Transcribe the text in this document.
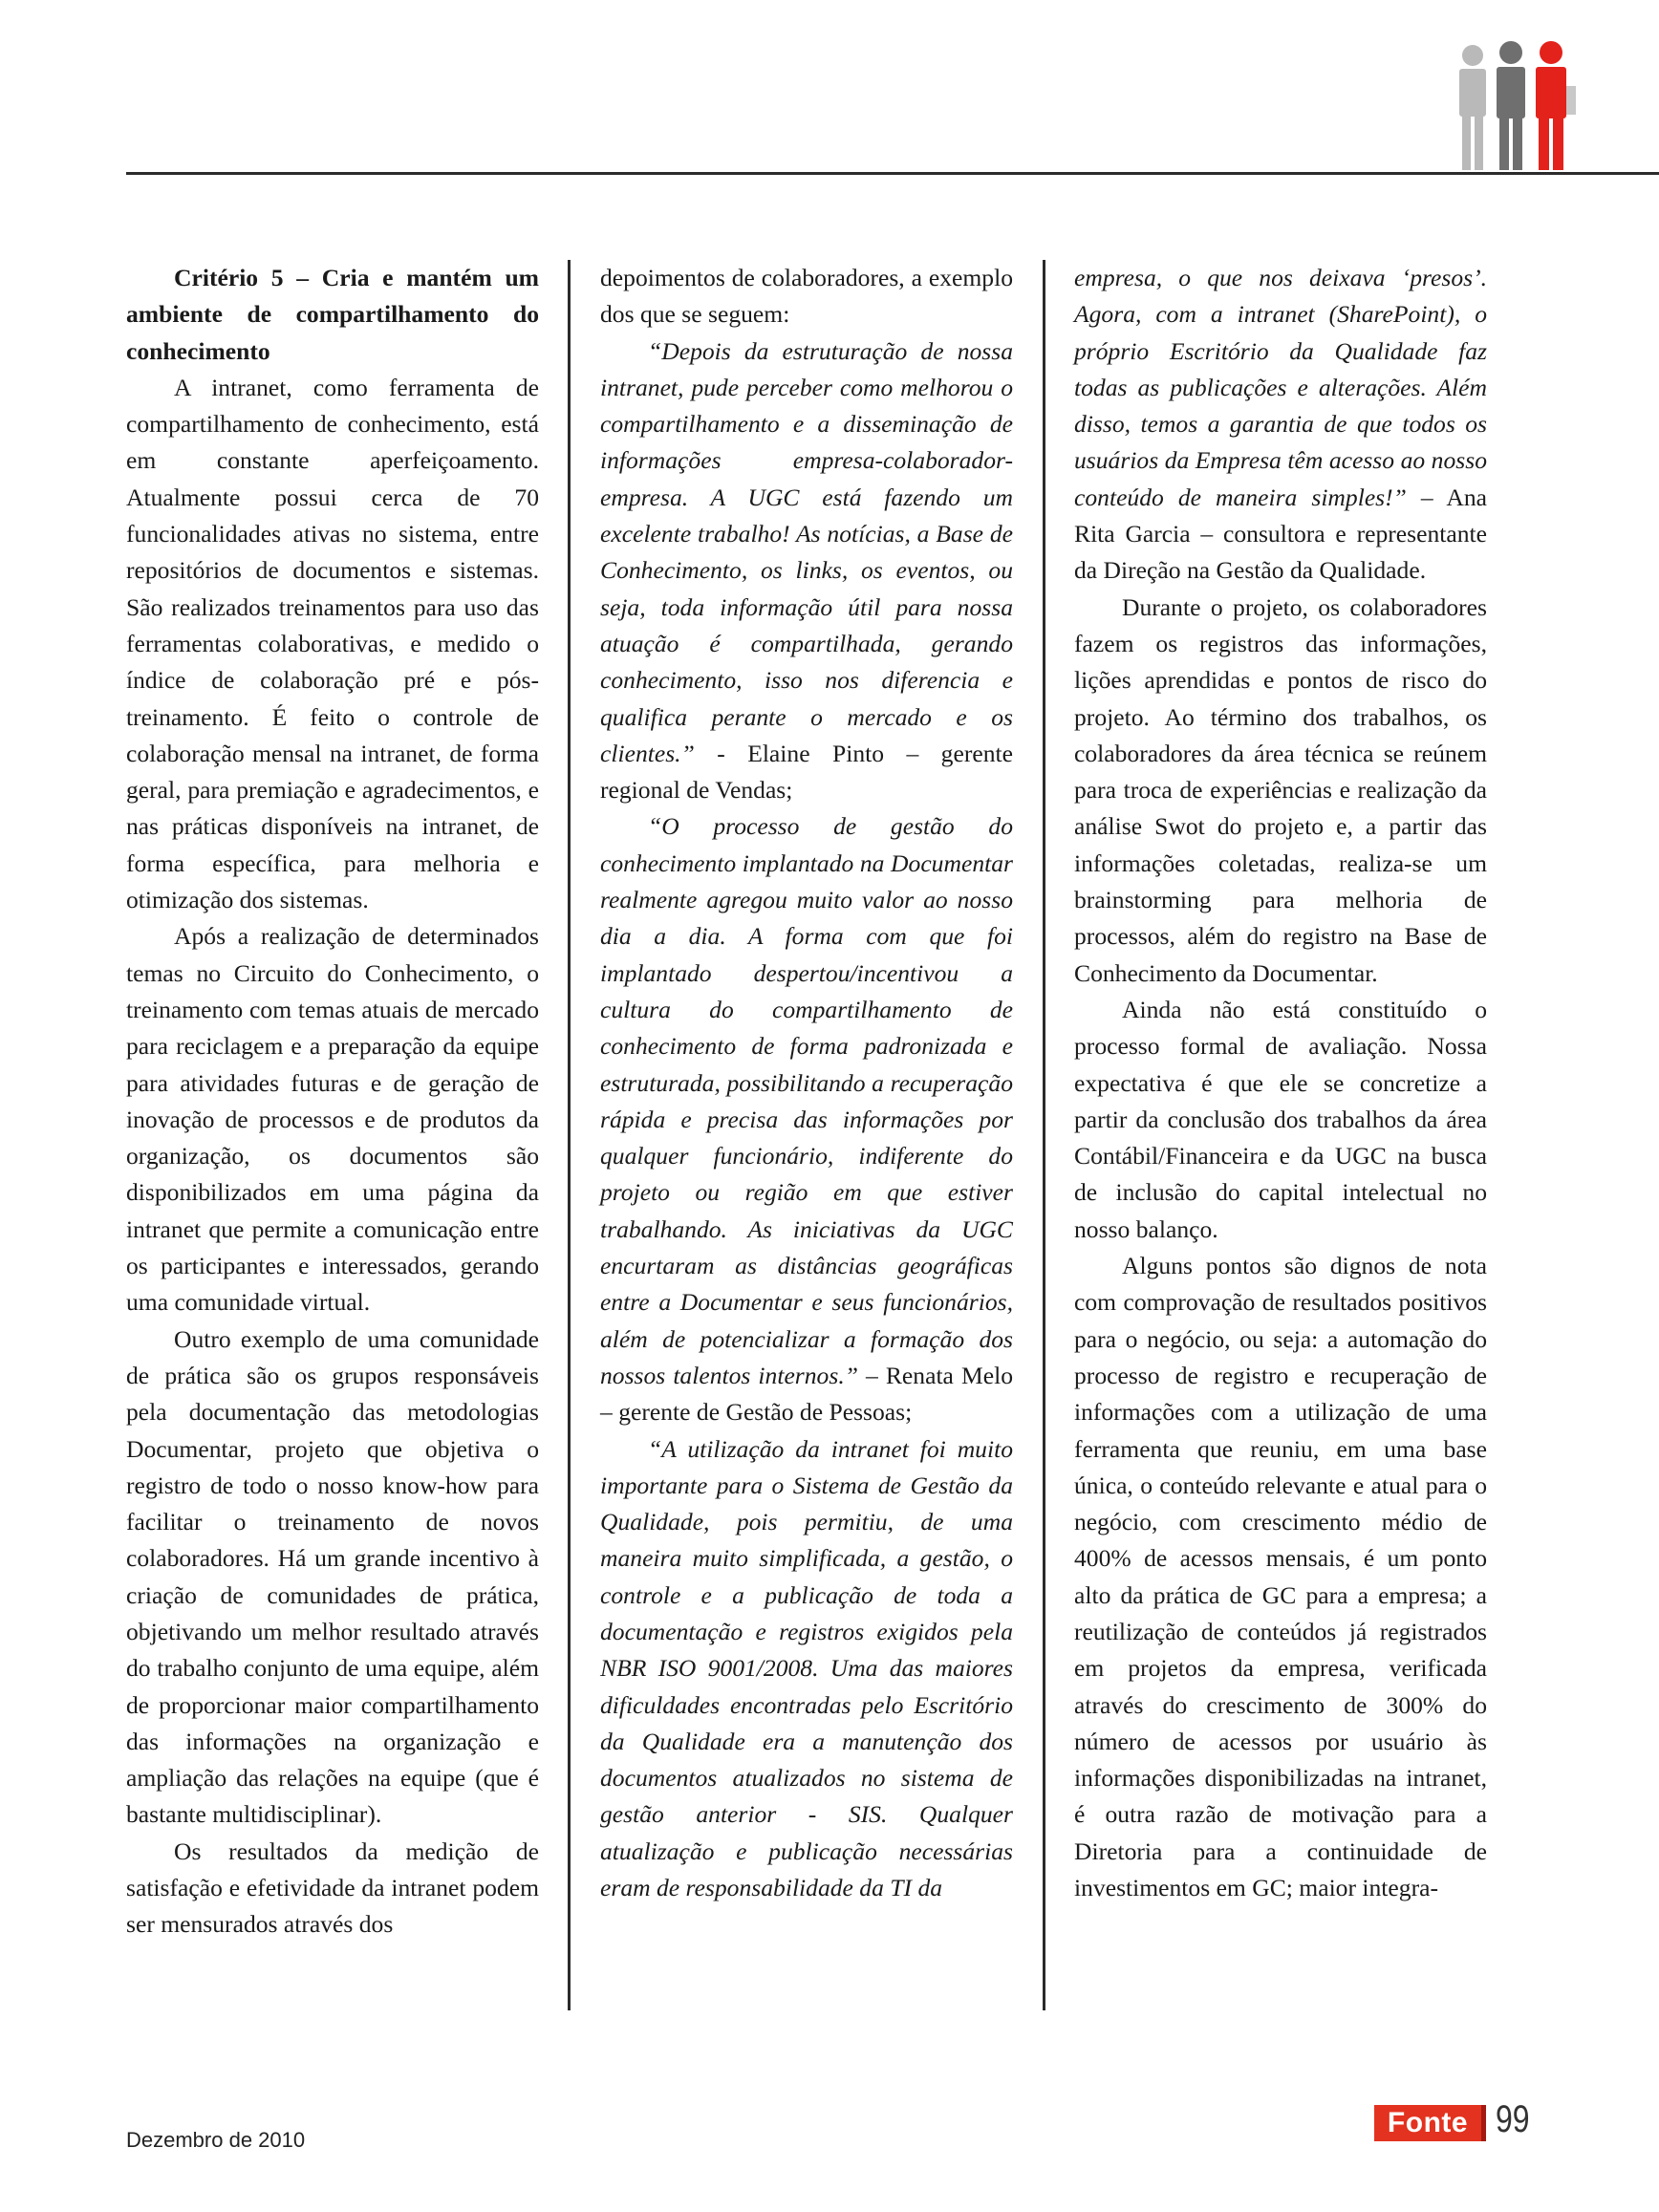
Critério 5 – Cria e mantém um ambiente de compartilhamento do conhecimento

A intranet, como ferramenta de compartilhamento de conhecimento, está em constante aperfeiçoamento. Atualmente possui cerca de 70 funcionalidades ativas no sistema, entre repositórios de documentos e sistemas. São realizados treinamentos para uso das ferramentas colaborativas, e medido o índice de colaboração pré e pós-treinamento. É feito o controle de colaboração mensal na intranet, de forma geral, para premiação e agradecimentos, e nas práticas disponíveis na intranet, de forma específica, para melhoria e otimização dos sistemas.

Após a realização de determinados temas no Circuito do Conhecimento, o treinamento com temas atuais de mercado para reciclagem e a preparação da equipe para atividades futuras e de geração de inovação de processos e de produtos da organização, os documentos são disponibilizados em uma página da intranet que permite a comunicação entre os participantes e interessados, gerando uma comunidade virtual.

Outro exemplo de uma comunidade de prática são os grupos responsáveis pela documentação das metodologias Documentar, projeto que objetiva o registro de todo o nosso know-how para facilitar o treinamento de novos colaboradores. Há um grande incentivo à criação de comunidades de prática, objetivando um melhor resultado através do trabalho conjunto de uma equipe, além de proporcionar maior compartilhamento das informações na organização e ampliação das relações na equipe (que é bastante multidisciplinar).

Os resultados da medição de satisfação e efetividade da intranet podem ser mensurados através dos

depoimentos de colaboradores, a exemplo dos que se seguem:

“Depois da estruturação de nossa intranet, pude perceber como melhorou o compartilhamento e a disseminação de informações empresa-colaborador-empresa. A UGC está fazendo um excelente trabalho! As notícias, a Base de Conhecimento, os links, os eventos, ou seja, toda informação útil para nossa atuação é compartilhada, gerando conhecimento, isso nos diferencia e qualifica perante o mercado e os clientes.” - Elaine Pinto – gerente regional de Vendas;

“O processo de gestão do conhecimento implantado na Documentar realmente agregou muito valor ao nosso dia a dia. A forma com que foi implantado despertou/incentivou a cultura do compartilhamento de conhecimento de forma padronizada e estruturada, possibilitando a recuperação rápida e precisa das informações por qualquer funcionário, indiferente do projeto ou região em que estiver trabalhando. As iniciativas da UGC encurtaram as distâncias geográficas entre a Documentar e seus funcionários, além de potencializar a formação dos nossos talentos internos.” – Renata Melo – gerente de Gestão de Pessoas;

“A utilização da intranet foi muito importante para o Sistema de Gestão da Qualidade, pois permitiu, de uma maneira muito simplificada, a gestão, o controle e a publicação de toda a documentação e registros exigidos pela NBR ISO 9001/2008. Uma das maiores dificuldades encontradas pelo Escritório da Qualidade era a manutenção dos documentos atualizados no sistema de gestão anterior - SIS. Qualquer atualização e publicação necessárias eram de responsabilidade da TI da

empresa, o que nos deixava ‘presos’. Agora, com a intranet (SharePoint), o próprio Escritório da Qualidade faz todas as publicações e alterações. Além disso, temos a garantia de que todos os usuários da Empresa têm acesso ao nosso conteúdo de maneira simples!” – Ana Rita Garcia – consultora e representante da Direção na Gestão da Qualidade.

Durante o projeto, os colaboradores fazem os registros das informações, lições aprendidas e pontos de risco do projeto. Ao término dos trabalhos, os colaboradores da área técnica se reúnem para troca de experiências e realização da análise Swot do projeto e, a partir das informações coletadas, realiza-se um brainstorming para melhoria de processos, além do registro na Base de Conhecimento da Documentar.

Ainda não está constituído o processo formal de avaliação. Nossa expectativa é que ele se concretize a partir da conclusão dos trabalhos da área Contábil/Financeira e da UGC na busca de inclusão do capital intelectual no nosso balanço.

Alguns pontos são dignos de nota com comprovação de resultados positivos para o negócio, ou seja: a automação do processo de registro e recuperação de informações com a utilização de uma ferramenta que reuniu, em uma base única, o conteúdo relevante e atual para o negócio, com crescimento médio de 400% de acessos mensais, é um ponto alto da prática de GC para a empresa; a reutilização de conteúdos já registrados em projetos da empresa, verificada através do crescimento de 300% do número de acessos por usuário às informações disponibilizadas na intranet, é outra razão de motivação para a Diretoria para a continuidade de investimentos em GC; maior integra-

Dezembro de 2010
Fonte 99
